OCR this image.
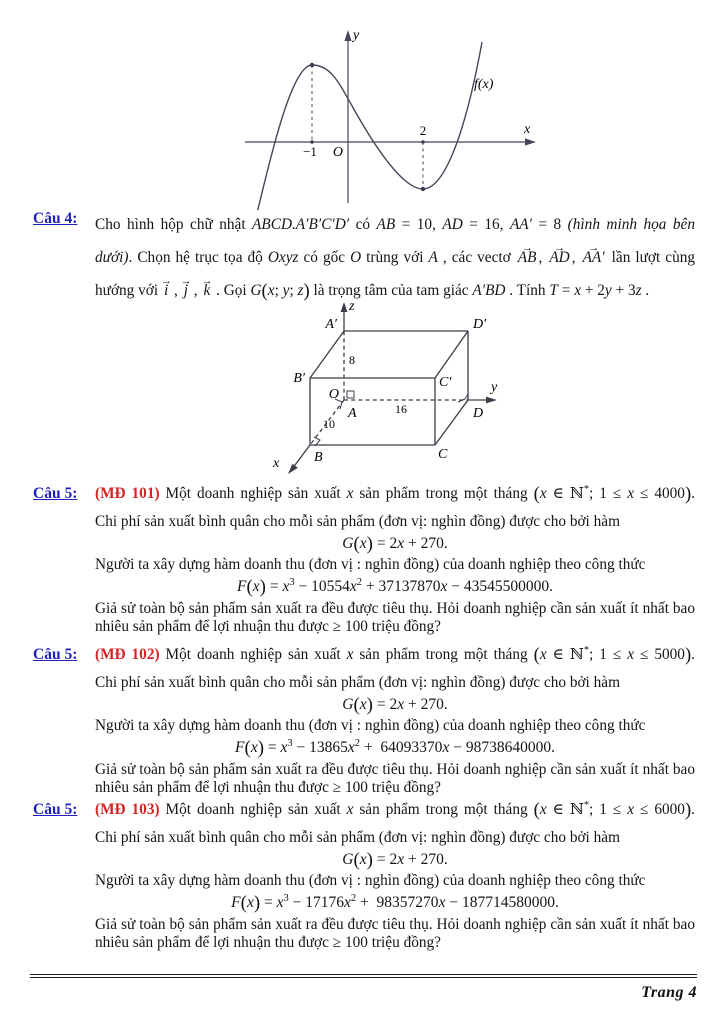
x
y
O
−1
2
f(x)
Câu 4: Cho hình hộp chữ nhật ABCD.A′B′C′D′ có AB = 10, AD = 16, AA′ = 8 (hình minh họa bên

dưới). Chọn hệ trục tọa độ Oxyz có gốc O trùng với A , các vectơ → AB , → AD , → AA′ lần lượt cùng

hướng với → i , → j , → k . Gọi G(x; y; z) là trọng tâm của tam giác A′BD . Tính T = x + 2y + 3z .

A′	D′
B′	C′
O
A
B	C
D
8
16
10
z
y
x
Câu 5: (MĐ 101) Một doanh nghiệp sản xuất x sản phẩm trong một tháng (x ∈ ℕ*; 1 ≤ x ≤ 4000).

Chi phí sản xuất bình quân cho mỗi sản phẩm (đơn vị: nghìn đồng) được cho bởi hàm

G(x) = 2x + 270.

Người ta xây dựng hàm doanh thu (đơn vị : nghìn đồng) của doanh nghiệp theo công thức

$F(x) = x^3 - 10554x^2 + 37137870x - 43545500000$.

Giả sử toàn bộ sản phẩm sản xuất ra đều được tiêu thụ. Hỏi doanh nghiệp cần sản xuất ít nhất bao nhiêu sản phẩm để lợi nhuận thu được ≥ 100 triệu đồng?

Câu 5: (MĐ 102) Một doanh nghiệp sản xuất x sản phẩm trong một tháng (x ∈ ℕ*; 1 ≤ x ≤ 5000).

Chi phí sản xuất bình quân cho mỗi sản phẩm (đơn vị: nghìn đồng) được cho bởi hàm

G(x) = 2x + 270.

Người ta xây dựng hàm doanh thu (đơn vị : nghìn đồng) của doanh nghiệp theo công thức

$F(x) = x^3 - 13865x^2$ + 64093370x − 98738640000.

Giả sử toàn bộ sản phẩm sản xuất ra đều được tiêu thụ. Hỏi doanh nghiệp cần sản xuất ít nhất bao nhiêu sản phẩm để lợi nhuận thu được ≥ 100 triệu đồng?

Câu 5: (MĐ 103) Một doanh nghiệp sản xuất x sản phẩm trong một tháng (x ∈ ℕ*; 1 ≤ x ≤ 6000).

Chi phí sản xuất bình quân cho mỗi sản phẩm (đơn vị: nghìn đồng) được cho bởi hàm

G(x) = 2x + 270.

Người ta xây dựng hàm doanh thu (đơn vị : nghìn đồng) của doanh nghiệp theo công thức

$F(x) = x^3 - 17176x^2$ + 98357270x − 187714580000.

Giả sử toàn bộ sản phẩm sản xuất ra đều được tiêu thụ. Hỏi doanh nghiệp cần sản xuất ít nhất bao nhiêu sản phẩm để lợi nhuận thu được ≥ 100 triệu đồng?

Trang 4
